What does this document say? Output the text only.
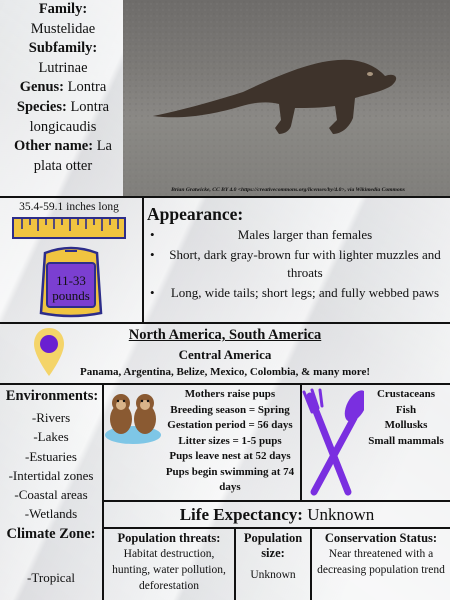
Family:
Mustelidae
Subfamily:
Lutrinae
Genus: Lontra
Species: Lontra longicaudis
Other name: La plata otter
Brian Gratwicke, CC BY 4.0 <https://creativecommons.org/licenses/by/4.0>, via Wikimedia Commons
35.4-59.1 inches long
11-33 pounds
Appearance:
• Males larger than females
• Short, dark gray-brown fur with lighter muzzles and throats
• Long, wide tails; short legs; and fully webbed paws
North America, South America
Central America
Panama, Argentina, Belize, Mexico, Colombia, & many more!
Environments:
-Rivers
-Lakes
-Estuaries
-Intertidal zones
-Coastal areas
-Wetlands
Climate Zone:
-Tropical
Mothers raise pups
Breeding season = Spring
Gestation period = 56 days
Litter sizes = 1-5 pups
Pups leave nest at 52 days
Pups begin swimming at 74 days
Crustaceans
Fish
Mollusks
Small mammals
Life Expectancy: Unknown
Population threats:
Habitat destruction, hunting, water pollution, deforestation
Population size:
Unknown
Conservation Status:
Near threatened with a decreasing population trend
